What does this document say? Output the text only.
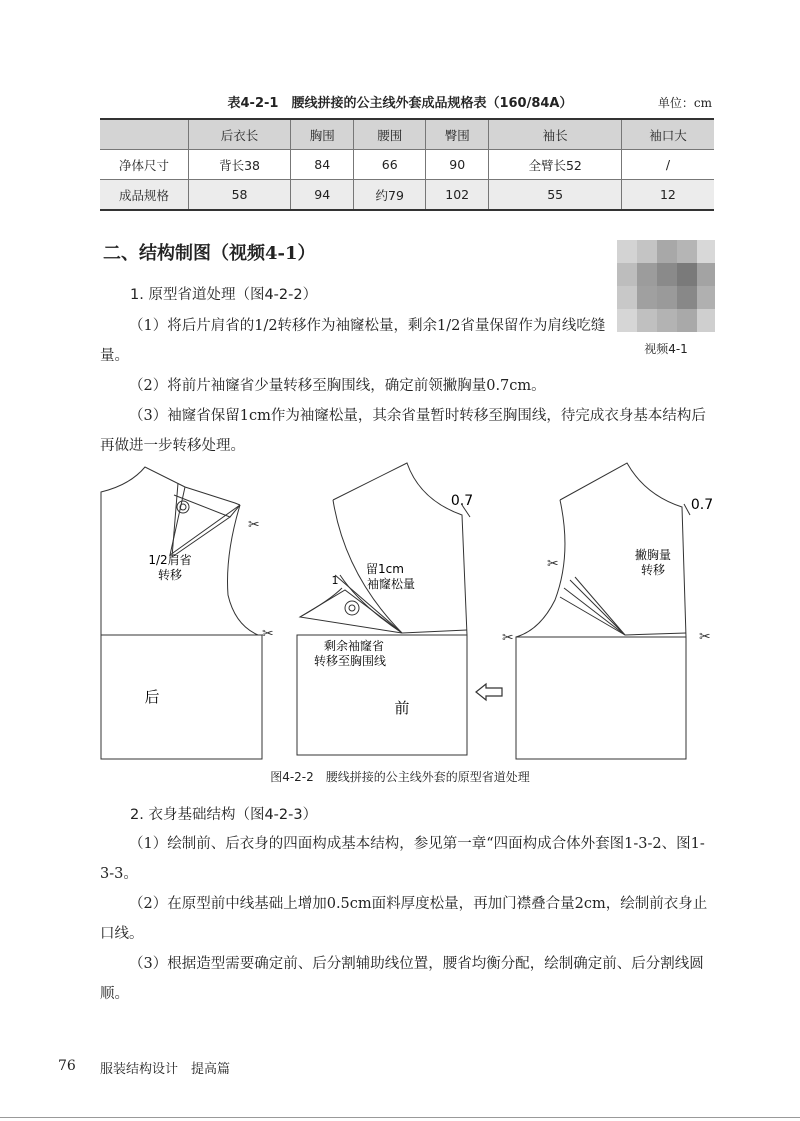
表4-2-1　腰线拼接的公主线外套成品规格表（160/84A）	单位：cm
	后衣长	胸围	腰围	臀围	袖长	袖口大
净体尺寸	背长38	84	66	90	全臂长52	/
成品规格	58	94	约79	102	55	12
二、结构制图（视频4-1）
视频4-1
1. 原型省道处理（图4-2-2）

（1）将后片肩省的1/2转移作为袖窿松量，剩余1/2省量保留作为肩线吃缝量。

（2）将前片袖窿省少量转移至胸围线，确定前领撇胸量0.7cm。

（3）袖窿省保留1cm作为袖窿松量，其余省量暂时转移至胸围线，待完成衣身基本结构后再做进一步转移处理。

✂
✂	✂
✂
✂
1/2肩省
转移
后
留1cm
袖窿松量
1
剩余袖窿省
转移至胸围线
前
0.7
撇胸量
转移
0.7
图4-2-2　腰线拼接的公主线外套的原型省道处理
2. 衣身基础结构（图4-2-3）

（1）绘制前、后衣身的四面构成基本结构，参见第一章“四面构成合体外套图1-3-2、图1-3-3。

（2）在原型前中线基础上增加0.5cm面料厚度松量，再加门襟叠合量2cm，绘制前衣身止口线。

（3）根据造型需要确定前、后分割辅助线位置，腰省均衡分配，绘制确定前、后分割线圆顺。

76 服装结构设计　提高篇
